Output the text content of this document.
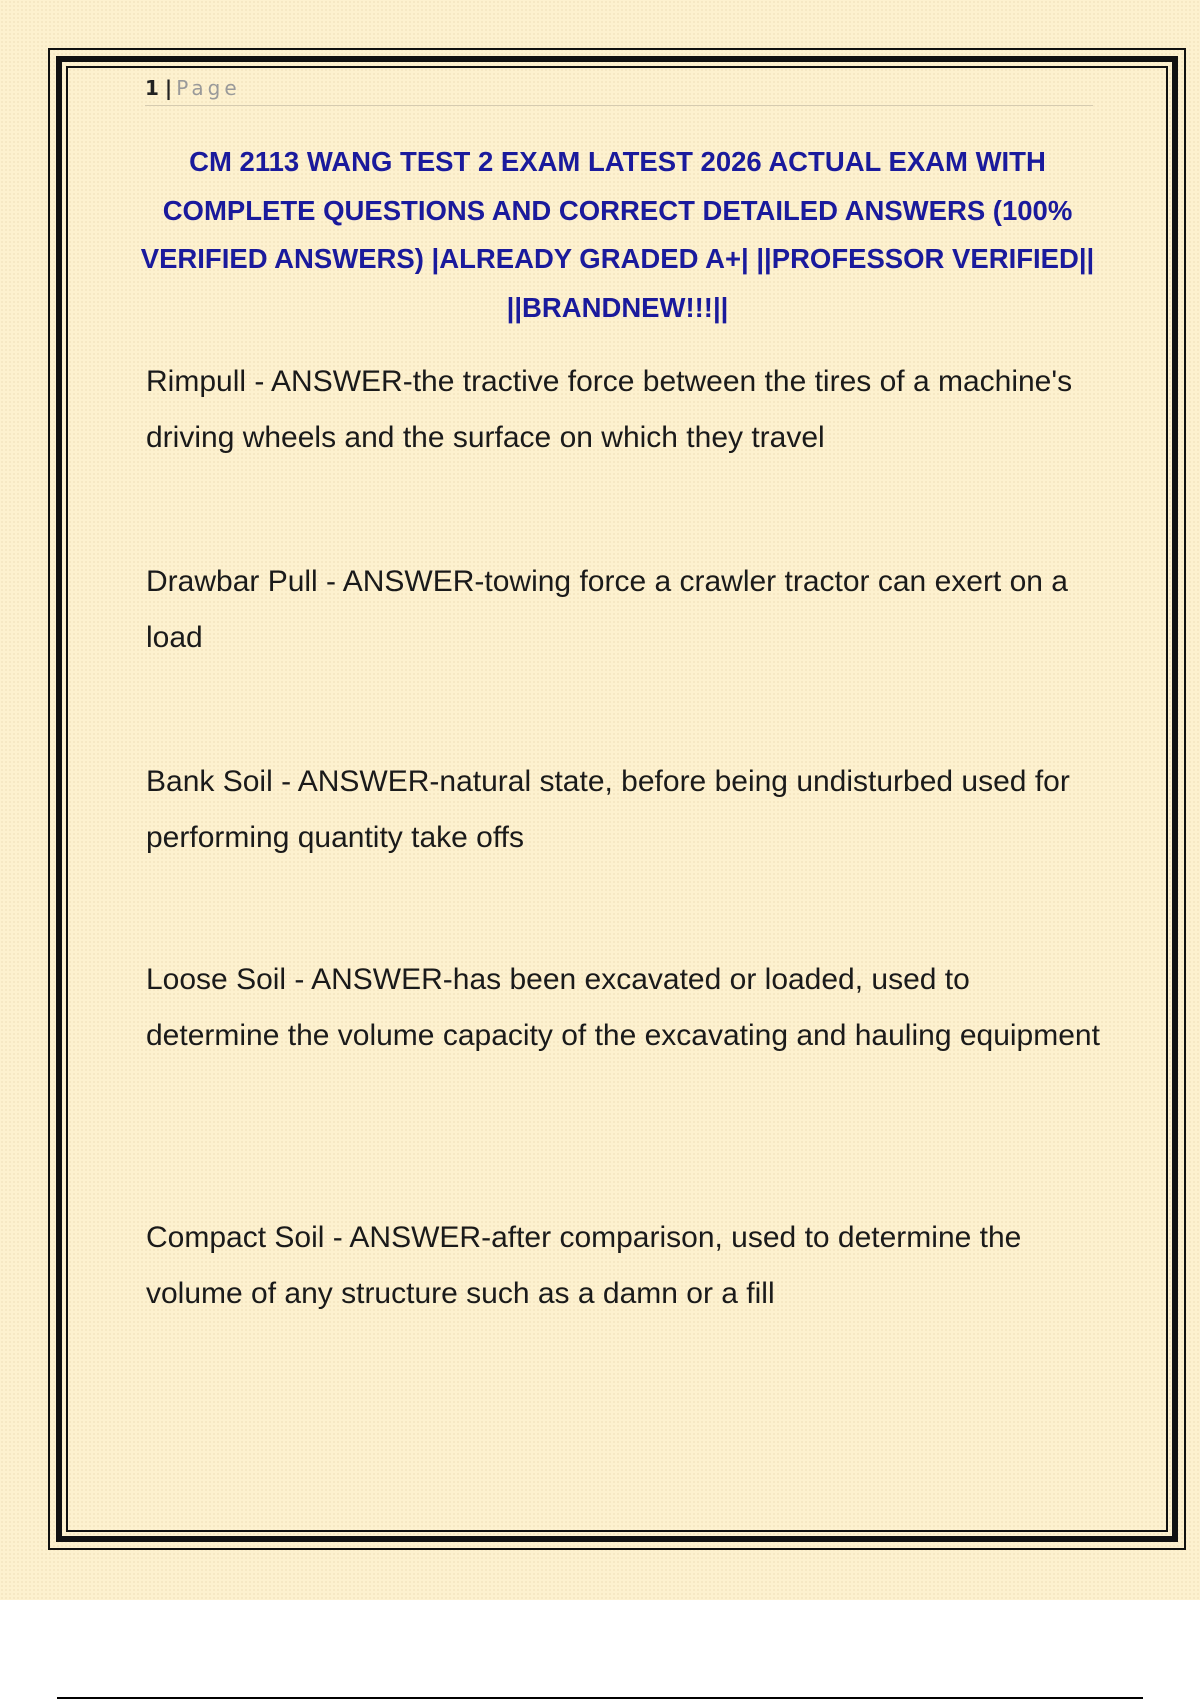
1 | Page
CM 2113 WANG TEST 2 EXAM LATEST 2026 ACTUAL EXAM WITH COMPLETE QUESTIONS AND CORRECT DETAILED ANSWERS (100% VERIFIED ANSWERS) |ALREADY GRADED A+| ||PROFESSOR VERIFIED|| ||BRANDNEW!!!||

Rimpull - ANSWER-the tractive force between the tires of a machine's driving wheels and the surface on which they travel

Drawbar Pull - ANSWER-towing force a crawler tractor can exert on a load

Bank Soil - ANSWER-natural state, before being undisturbed used for performing quantity take offs

Loose Soil - ANSWER-has been excavated or loaded, used to determine the volume capacity of the excavating and hauling equipment

Compact Soil - ANSWER-after comparison, used to determine the volume of any structure such as a damn or a fill
